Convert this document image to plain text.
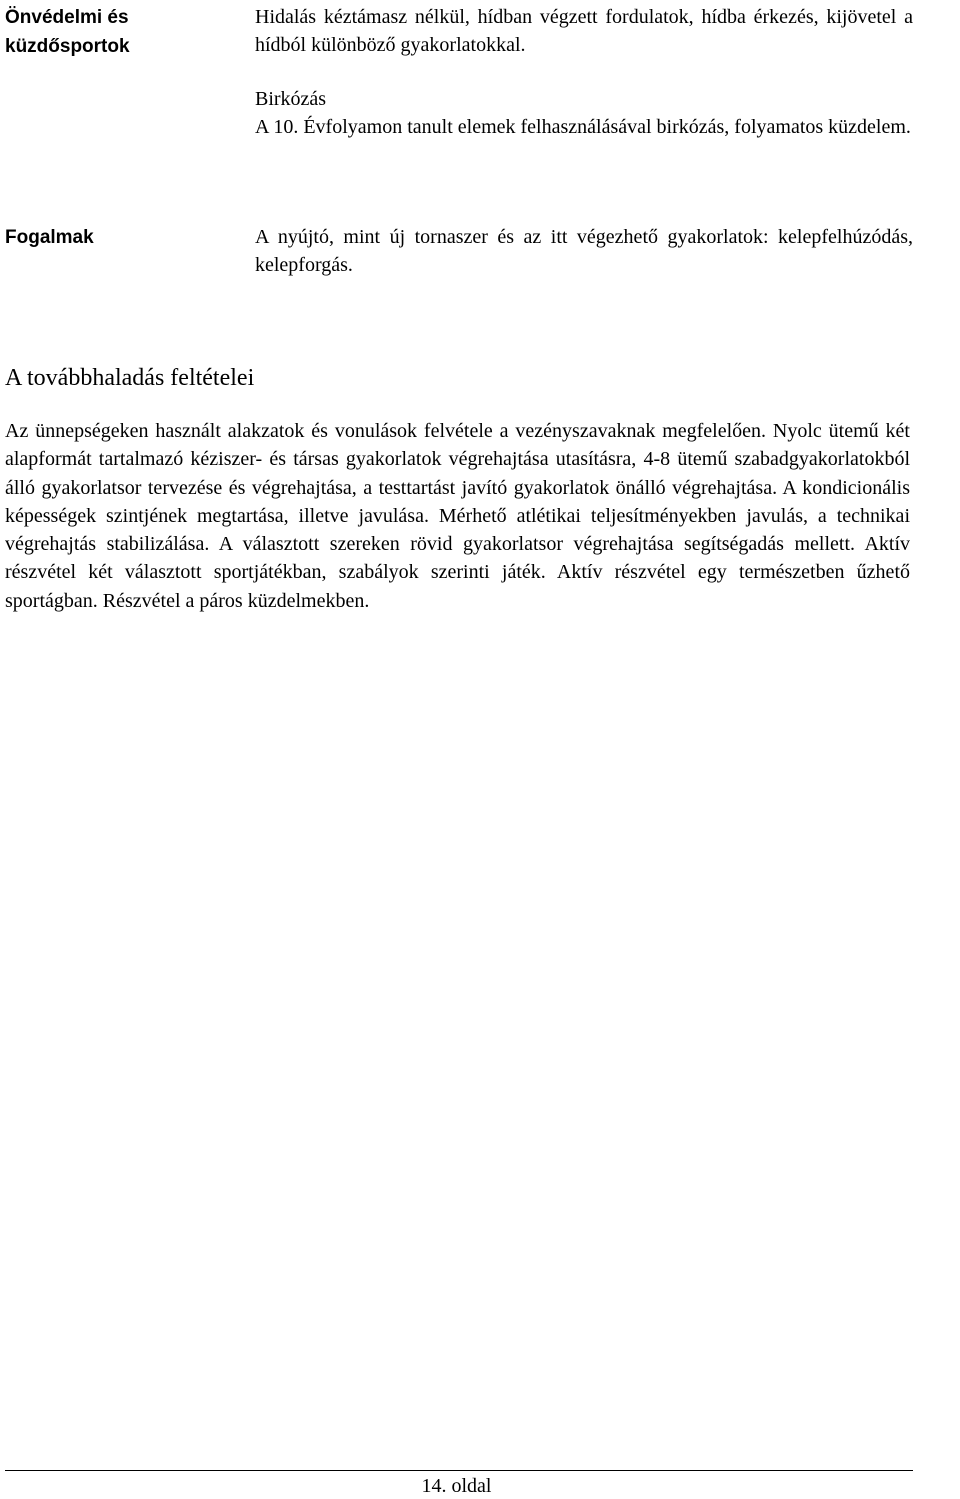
Önvédelmi és
küzdősportok

Hidalás kéztámasz nélkül, hídban végzett fordulatok, hídba érkezés, kijövetel a hídból különböző gyakorlatokkal.

Birkózás

A 10. Évfolyamon tanult elemek felhasználásával birkózás, folyamatos küzdelem.

Fogalmak	A nyújtó, mint új tornaszer és az itt végezhető gyakorlatok: kelepfelhúzódás, kelepforgás.

A továbbhaladás feltételei

Az ünnepségeken használt alakzatok és vonulások felvétele a vezényszavaknak megfelelően. Nyolc ütemű két alapformát tartalmazó kéziszer- és társas gyakorlatok végrehajtása utasításra, 4-8 ütemű szabadgyakorlatokból álló gyakorlatsor tervezése és végrehajtása, a testtartást javító gyakorlatok önálló végrehajtása. A kondicionális képességek szintjének megtartása, illetve javulása. Mérhető atlétikai teljesítményekben javulás, a technikai végrehajtás stabilizálása. A választott szereken rövid gyakorlatsor végrehajtása segítségadás mellett. Aktív részvétel két választott sportjátékban, szabályok szerinti játék. Aktív részvétel egy természetben űzhető sportágban. Részvétel a páros küzdelmekben.

14. oldal
